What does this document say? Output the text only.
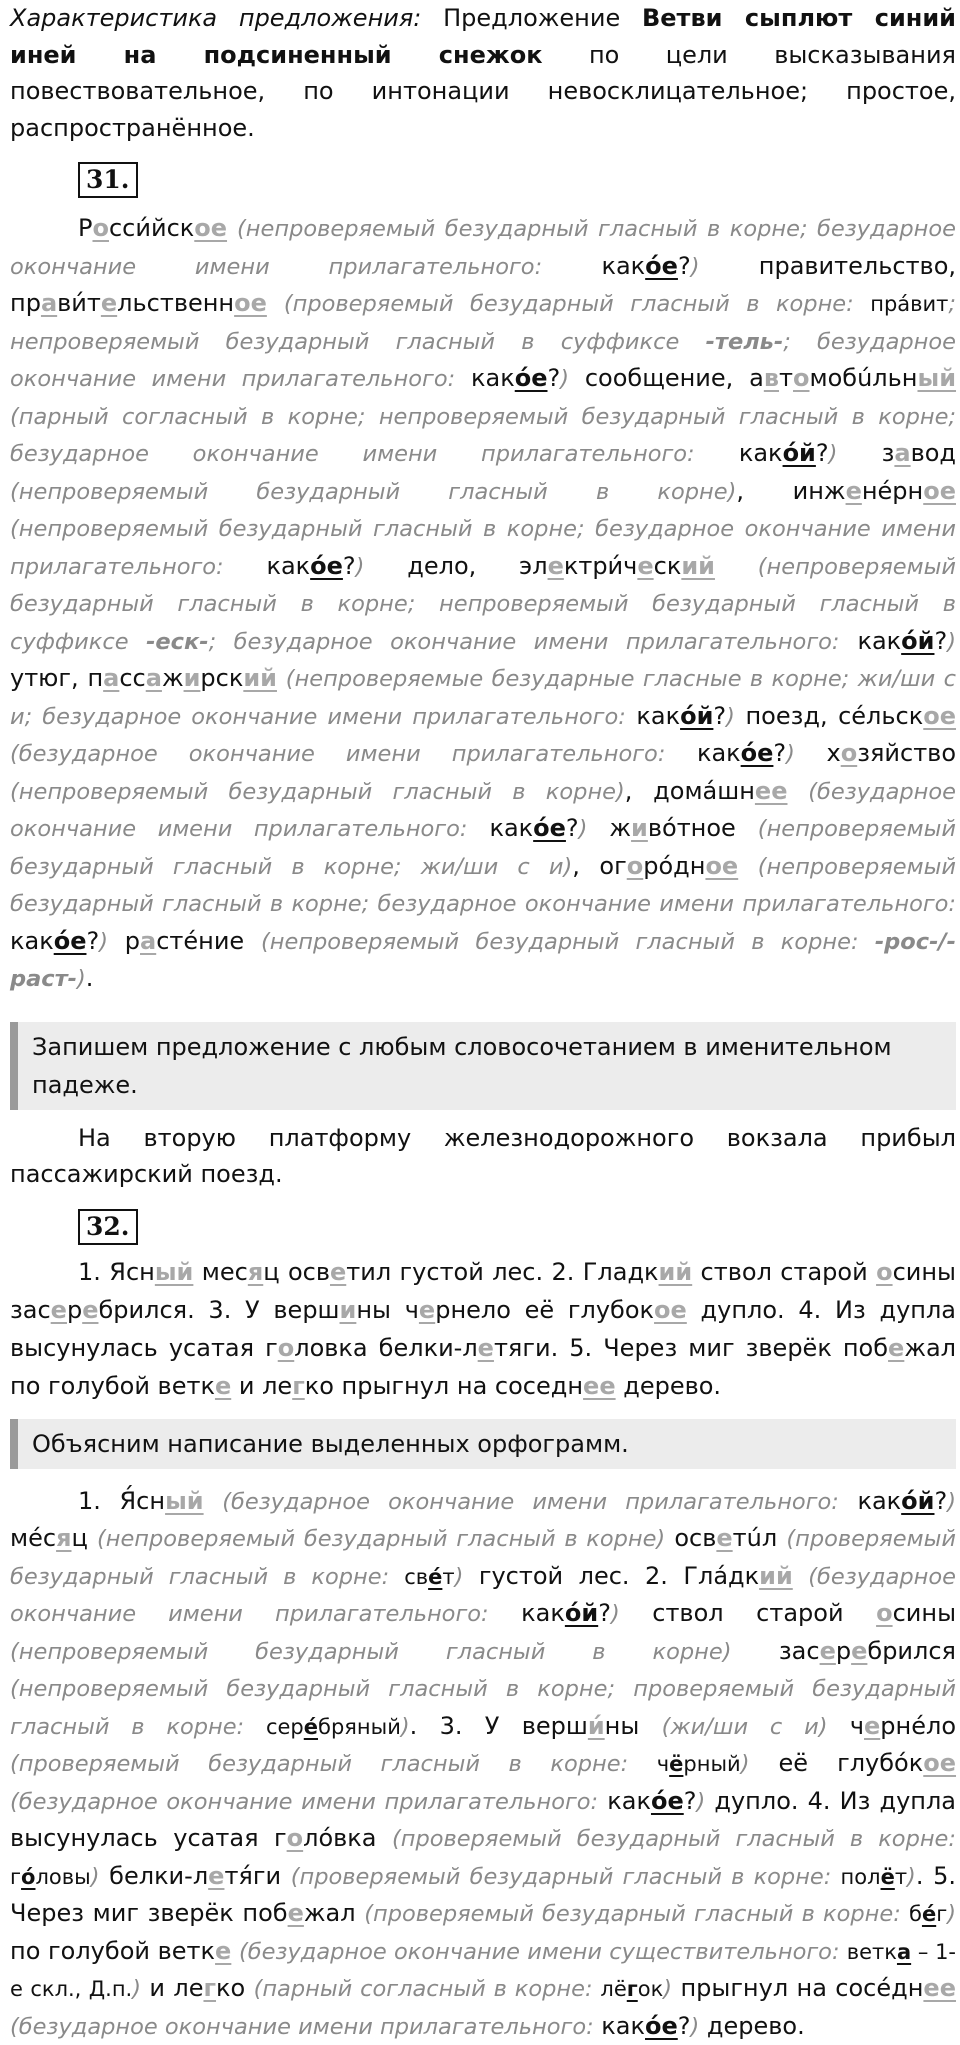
Характеристика предложения: Предложение Ветви сыплют синий иней на подсиненный снежок по цели высказывания повествовательное, по интонации невосклицательное; простое, распространённое.

31.

Росси́йское (непроверяемый безударный гласный в корне; безударное окончание имени прилагательного: како́е?) правительство, прави́тельственное (проверяемый безударный гласный в корне: пра́вит; непроверяемый безударный гласный в суффиксе -тель-; безударное окончание имени прилагательного: како́е?) сообщение, автомобúльный (парный согласный в корне; непроверяемый безударный гласный в корне; безударное окончание имени прилагательного: како́й?) завод (непроверяемый безударный гласный в корне), инженéрное (непроверяемый безударный гласный в корне; безударное окончание имени прилагательного: како́е?) дело, электри́ческий (непроверяемый безударный гласный в корне; непроверяемый безударный гласный в суффиксе -еск-; безударное окончание имени прилагательного: како́й?) утюг, пассажирский (непроверяемые безударные гласные в корне; жи/ши с и; безударное окончание имени прилагательного: како́й?) поезд, сéльское (безударное окончание имени прилагательного: како́е?) хозяйство (непроверяемый безударный гласный в корне), домáшнее (безударное окончание имени прилагательного: како́е?) живóтное (непроверяемый безударный гласный в корне; жи/ши с и), огорóдное (непроверяемый безударный гласный в корне; безударное окончание имени прилагательного: како́е?) растéние (непроверяемый безударный гласный в корне: -рос-/-раст-).

Запишем предложение с любым словосочетанием в именительном падеже.

На вторую платформу железнодорожного вокзала прибыл пассажирский поезд.

32.

1. Ясный месяц осветил густой лес. 2. Гладкий ствол старой осины засеребрился. 3. У вершины чернело её глубокое дупло. 4. Из дупла высунулась усатая головка белки-летяги. 5. Через миг зверёк побежал по голубой ветке и легко прыгнул на соседнее дерево.

Объясним написание выделенных орфограмм.

1. Я́сный (безударное окончание имени прилагательного: како́й?) мéсяц (непроверяемый безударный гласный в корне) осветúл (проверяемый безударный гласный в корне: све́т) густой лес. 2. Глáдкий (безударное окончание имени прилагательного: како́й?) ствол старой осины (непроверяемый безударный гласный в корне) засеребрился (непроверяемый безударный гласный в корне; проверяемый безударный гласный в корне: сере́бряный). 3. У верши́ны (жи/ши с и) чернéло (проверяемый безударный гласный в корне: чёрный) её глубóкое (безударное окончание имени прилагательного: како́е?) дупло. 4. Из дупла высунулась усатая голóвка (проверяемый безударный гласный в корне: го́ловы) белки-летя́ги (проверяемый безударный гласный в корне: полёт). 5. Через миг зверёк побежал (проверяемый безударный гласный в корне: бе́г) по голубой ветке (безударное окончание имени существительного: ветка – 1-е скл., Д.п.) и легко (парный согласный в корне: лёгок) прыгнул на сосéднее (безударное окончание имени прилагательного: како́е?) дерево.
